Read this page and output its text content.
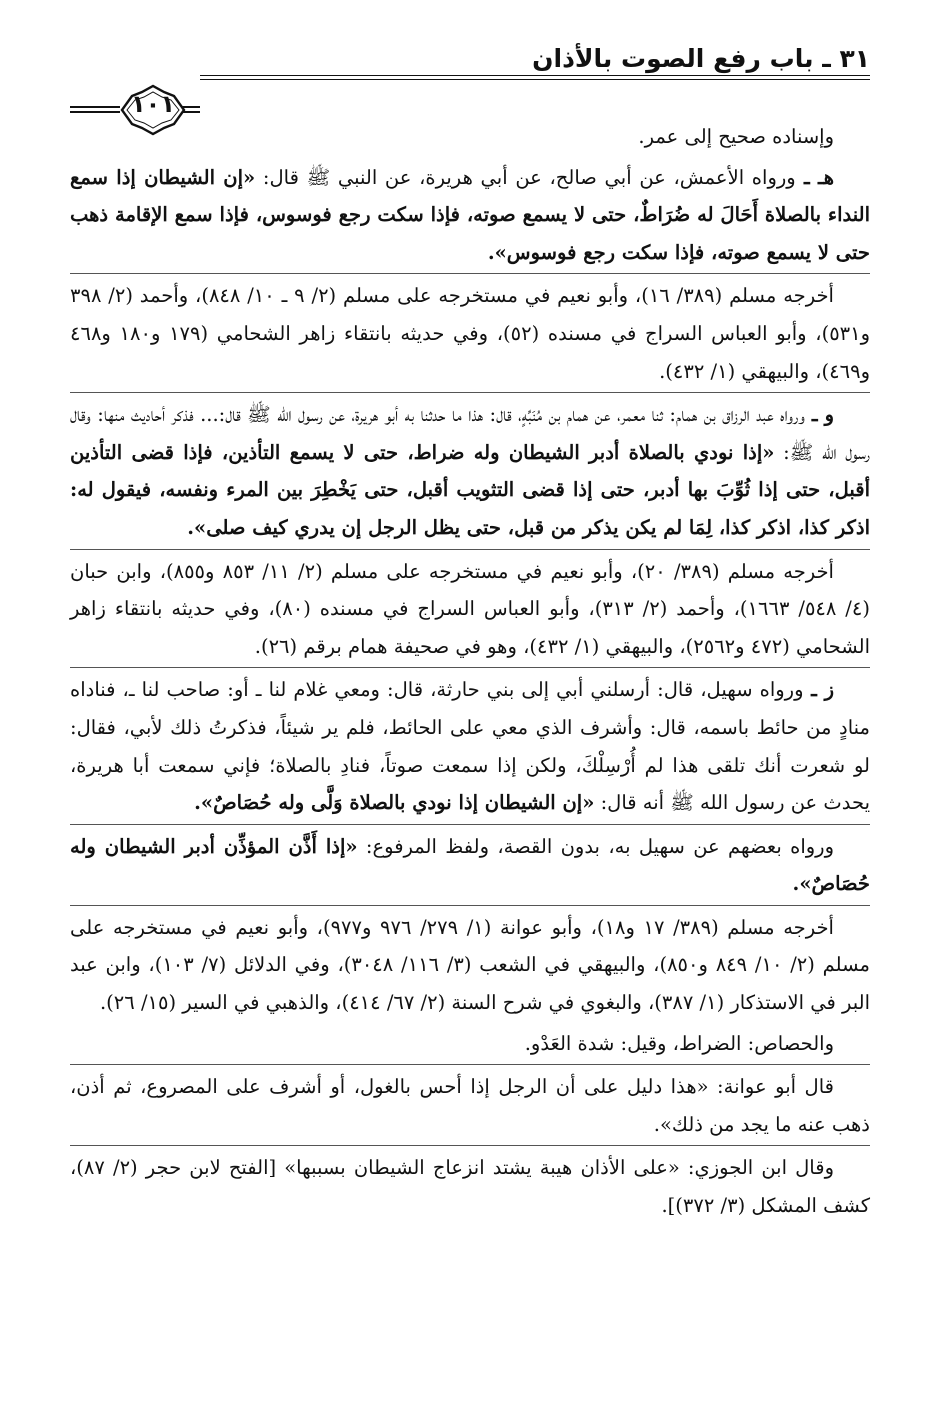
٣١ ـ باب رفع الصوت بالأذان
١٠١

وإسناده صحيح إلى عمر.

هـ ـ ورواه الأعمش، عن أبي صالح، عن أبي هريرة، عن النبي ﷺ قال: «إن الشيطان إذا سمع النداء بالصلاة أَحَالَ له ضُرَاطٌ، حتى لا يسمع صوته، فإذا سكت رجع فوسوس، فإذا سمع الإقامة ذهب حتى لا يسمع صوته، فإذا سكت رجع فوسوس».

أخرجه مسلم (٣٨٩/ ١٦)، وأبو نعيم في مستخرجه على مسلم (٢/ ٩ ـ ١٠/ ٨٤٨)، وأحمد (٢/ ٣٩٨ و٥٣١)، وأبو العباس السراج في مسنده (٥٢)، وفي حديثه بانتقاء زاهر الشحامي (١٧٩ و١٨٠ و٤٦٨ و٤٦٩)، والبيهقي (١/ ٤٣٢).

و ـ ورواه عبد الرزاق بن همام: ثنا معمر، عن همام بن مُنَبِّهٍ، قال: هذا ما حدثنا به أبو هريرة، عن رسول الله ﷺ قال:... فذكر أحاديث منها: وقال رسول الله ﷺ: «إذا نودي بالصلاة أدبر الشيطان وله ضراط، حتى لا يسمع التأذين، فإذا قضى التأذين أقبل، حتى إذا ثُوِّبَ بها أدبر، حتى إذا قضى التثويب أقبل، حتى يَخْطِرَ بين المرء ونفسه، فيقول له: اذكر كذا، اذكر كذا، لِمَا لم يكن يذكر من قبل، حتى يظل الرجل إن يدري كيف صلى».

أخرجه مسلم (٣٨٩/ ٢٠)، وأبو نعيم في مستخرجه على مسلم (٢/ ١١/ ٨٥٣ و٨٥٥)، وابن حبان (٤/ ٥٤٨/ ١٦٦٣)، وأحمد (٢/ ٣١٣)، وأبو العباس السراج في مسنده (٨٠)، وفي حديثه بانتقاء زاهر الشحامي (٤٧٢ و٢٥٦٢)، والبيهقي (١/ ٤٣٢)، وهو في صحيفة همام برقم (٢٦).

ز ـ ورواه سهيل، قال: أرسلني أبي إلى بني حارثة، قال: ومعي غلام لنا ـ أو: صاحب لنا ـ، فناداه منادٍ من حائط باسمه، قال: وأشرف الذي معي على الحائط، فلم ير شيئاً، فذكرتُ ذلك لأبي، فقال: لو شعرت أنك تلقى هذا لم أُرْسِلْكَ، ولكن إذا سمعت صوتاً، فنادِ بالصلاة؛ فإني سمعت أبا هريرة، يحدث عن رسول الله ﷺ أنه قال: «إن الشيطان إذا نودي بالصلاة وَلَّى وله حُصَاصٌ».

ورواه بعضهم عن سهيل به، بدون القصة، ولفظ المرفوع: «إذا أَذَّن المؤذِّن أدبر الشيطان وله حُصَاصٌ».

أخرجه مسلم (٣٨٩/ ١٧ و١٨)، وأبو عوانة (١/ ٢٧٩/ ٩٧٦ و٩٧٧)، وأبو نعيم في مستخرجه على مسلم (٢/ ١٠/ ٨٤٩ و٨٥٠)، والبيهقي في الشعب (٣/ ١١٦/ ٣٠٤٨)، وفي الدلائل (٧/ ١٠٣)، وابن عبد البر في الاستذكار (١/ ٣٨٧)، والبغوي في شرح السنة (٢/ ٦٧/ ٤١٤)، والذهبي في السير (١٥/ ٢٦).

والحصاص: الضراط، وقيل: شدة العَدْو.

قال أبو عوانة: «هذا دليل على أن الرجل إذا أحس بالغول، أو أشرف على المصروع، ثم أذن، ذهب عنه ما يجد من ذلك».

وقال ابن الجوزي: «على الأذان هيبة يشتد انزعاج الشيطان بسببها» [الفتح لابن حجر (٢/ ٨٧)، كشف المشكل (٣/ ٣٧٢)].
